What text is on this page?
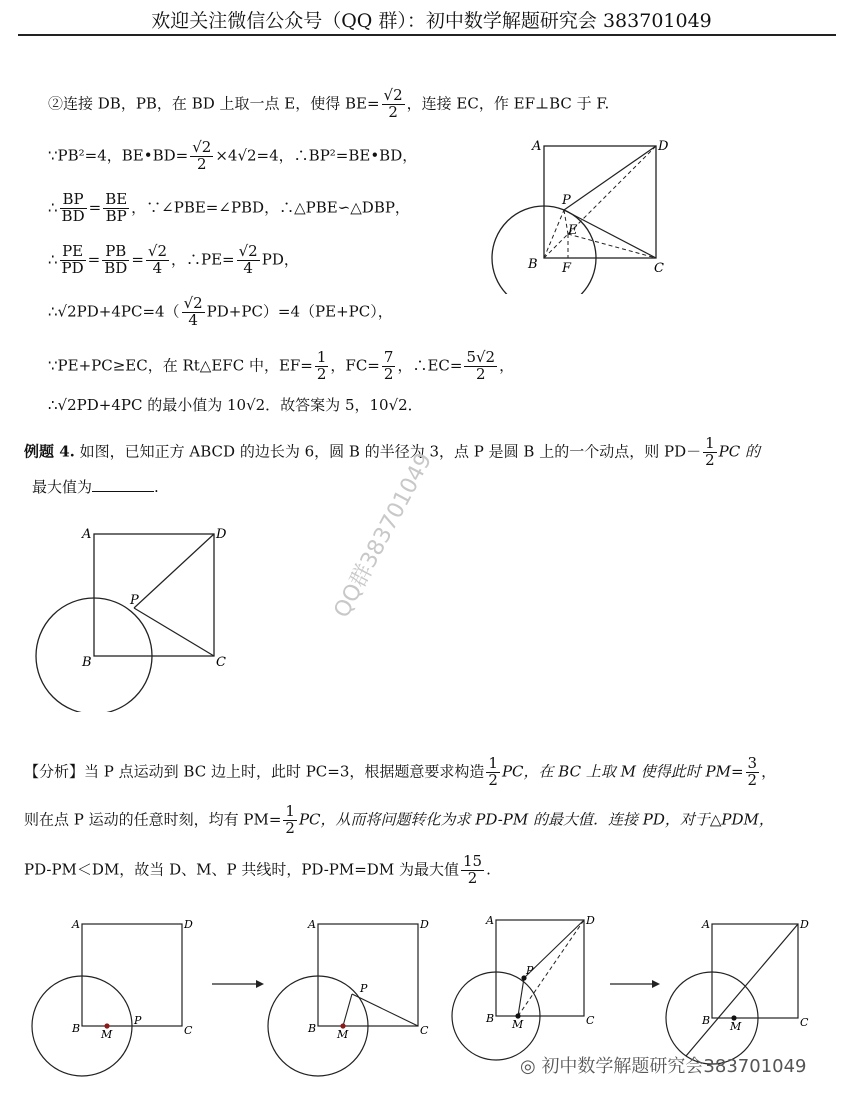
欢迎关注微信公众号（QQ 群）：初中数学解题研究会 383701049
②连接 DB，PB，在 BD 上取一点 E，使得 $BE= \frac{√2}{2}$ ，连接 EC，作 EF⊥BC 于 F.
∵PB²=4，BE•BD= $\frac{√2}{2} \times 4√2=4$，∴BP²=BE•BD，
∴ $\frac{BP}{BD} = \frac{BE}{BP}$ ，∵∠PBE=∠PBD，∴△PBE∽△DBP，
∴ $\frac{PE}{PD} = \frac{PB}{BD} = \frac{√2}{4}$ ，∴PE= $\frac{√2}{4}$ PD，
∴√2PD+4PC=4（ $\frac{√2}{4} PD+PC)=4(PE+PC)$，
∵PE+PC≥EC，在 Rt△EFC 中，$EF= \frac{1}{2}$ ，$FC= \frac{7}{2}$ ，∴EC= $\frac{5√2}{2}$ ，
∴√2PD+4PC 的最小值为 10√2．故答案为 5，10√2．
A	D
B	C
P
E
F
例题 4. 如图，已知正方 ABCD 的边长为 6，圆 B 的半径为 3，点 P 是圆 B 上的一个动点，则 $PD- \frac{1}{2}$ PC 的
最大值为	.
A	D
B	C
P	QQ群383701049
【分析】当 P 点运动到 BC 边上时，此时 PC=3，根据题意要求构造 $\frac{1}{2}$ PC，在 BC 上取 M 使得此时 $PM= \frac{3}{2}$ ，
则在点 P 运动的任意时刻，均有 $PM= \frac{1}{2}$ PC，从而将问题转化为求 PD-PM 的最大值．连接 PD，对于△PDM，
PD-PM＜DM，故当 D、M、P 共线时，PD-PM=DM 为最大值 $\frac{15}{2}$ .
A	D
B	C
P
M
A	D
B	C
P
M
A	D
B	C
P
M
A	D
B	C
M
◎ 初中数学解题研究会383701049
